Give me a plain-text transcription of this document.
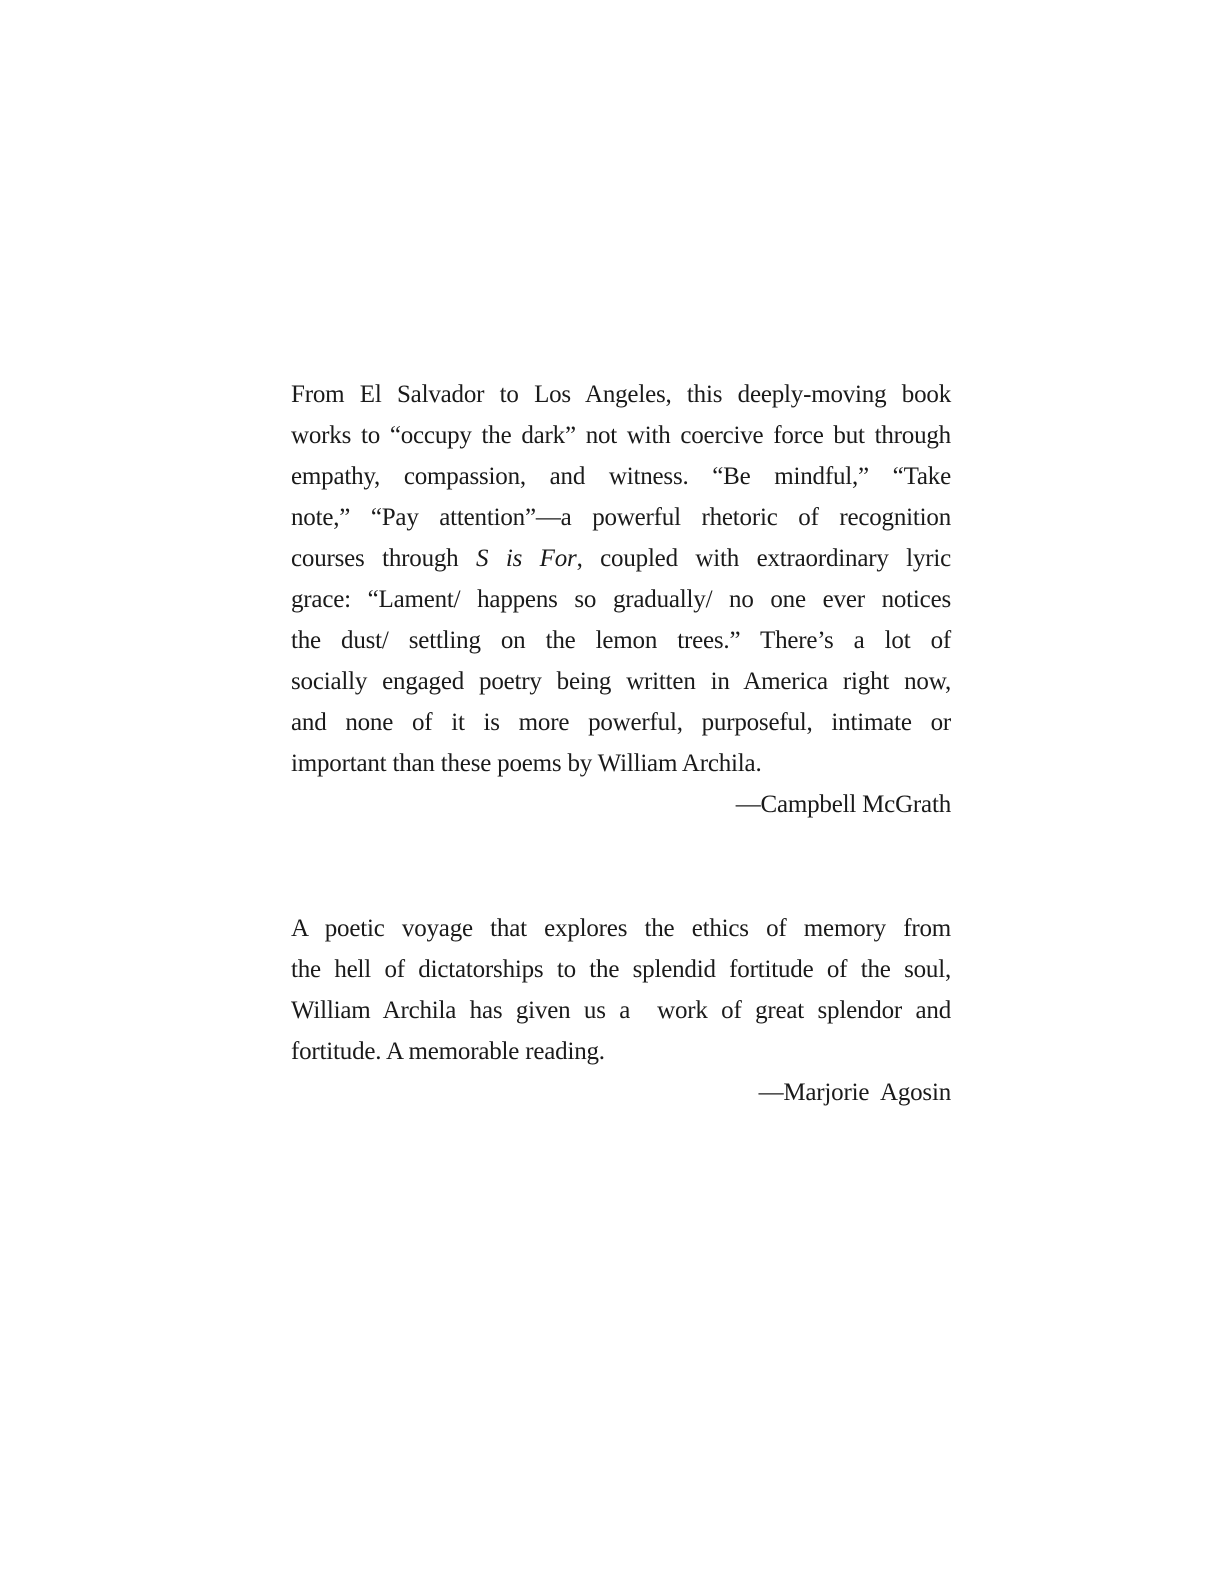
From El Salvador to Los Angeles, this deeply-moving book
works to “occupy the dark” not with coercive force but through
empathy, compassion, and witness. “Be mindful,” “Take
note,” “Pay attention”—a powerful rhetoric of recognition
courses through S is For, coupled with extraordinary lyric
grace: “Lament/ happens so gradually/ no one ever notices
the dust/ settling on the lemon trees.” There’s a lot of
socially engaged poetry being written in America right now,
and none of it is more powerful, purposeful, intimate or
important than these poems by William Archila.
—Campbell McGrath
A poetic voyage that explores the ethics of memory from
the hell of dictatorships to the splendid fortitude of the soul,
William Archila has given us a  work of great splendor and
fortitude. A memorable reading.
—Marjorie  Agosin
